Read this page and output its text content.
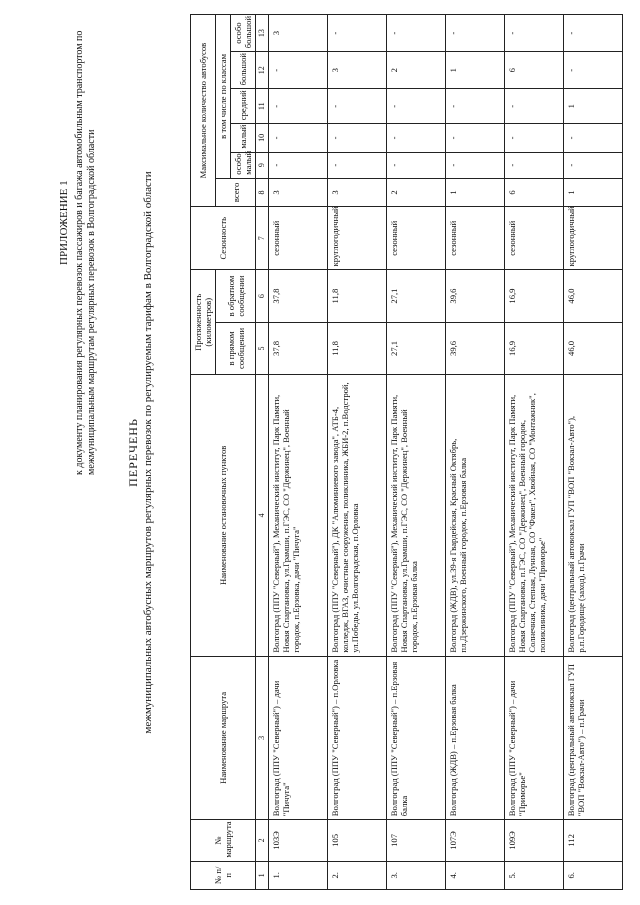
ПРИЛОЖЕНИЕ 1 к документу планирования регулярных перевозок пассажиров и багажа автомобильным транспортом по межмуниципальным маршрутам регулярных перевозок в Волгоградской области ПЕРЕЧЕНЬ межмуниципальных автобусных маршрутов регулярных перевозок по регулируемым тарифам в Волгоградской области
№ п/п	№ маршрута	Наименование маршрута	Наименование остановочных пунктов	Протяженность (километров)		Сезонность	Максимальное количество автобусов					
				в прямом сообщении	в обратном сообщении		всего	в том числе по классам				
								особо малый	малый	средний	большой	особо большой
1	2	3	4	5	6	7	8	9	10	11	12	13
1.	103Э	Волгоград (ППУ "Северный") – дачи "Пичуга"	Волгоград (ППУ "Северный"), Механический институт, Парк Памяти, Новая Спартановка, ул.Грамши, п.ГЭС, СО "Держинец", Военный городок, п.Ерзовка, дачи "Пичуга"	37,8	37,8	сезонный	3	-	-	-	-	3
2.	105	Волгоград (ППУ "Северный") – п.Орловка	Волгоград (ППУ "Северный"), ДК "Алюминиевого завода", АТБ-4, колледж, ВГАЗ, очистные сооружения, поликлиника, ЖБИ-2, п.Водстрой, ул.Победы, ул.Волгоградская, п.Орловка	11,8	11,8	круглогодичный	3	-	-	-	3	-
3.	107	Волгоград (ППУ "Северный") – п.Ерзовая балка	Волгоград (ППУ "Северный"), Механический институт, Парк Памяти, Новая Спартановка, ул.Грамши, п.ГЭС, СО "Держинец", Военный городок, п.Ерзовая балка	27,1	27,1	сезонный	2	-	-	-	2	-
4.	107Э	Волгоград (ЖДВ) – п.Ерзовая балка	Волгоград (ЖДВ), ул.39-я Гвардейская, Красный Октябрь, пл.Дзержинского, Военный городок, п.Ерзовая балка	39,6	39,6	сезонный	1	-	-	-	1	-
5.	109Э	Волгоград (ППУ "Северный") – дачи "Приморье"	Волгоград (ППУ "Северный"), Механический институт, Парк Памяти, Новая Спартановка, п.ГЭС, СО "Держинец", Военный городок, Солнечная, Степная, Лунная, СО "Факел", Хвойная, СО "Монтажник", поликлиника, дачи "Приморье"	16,9	16,9	сезонный	6	-	-	-	6	-
6.	112	Волгоград (центральный автовокзал ГУП "ВОП "Вокзал-Авто") – п.Грачи	Волгоград (центральный автовокзал ГУП "ВОП "Вокзал-Авто"), р.п.Городище (заход), п.Грачи	46,0	46,0	круглогодичный	1	-	-	1	-	-
